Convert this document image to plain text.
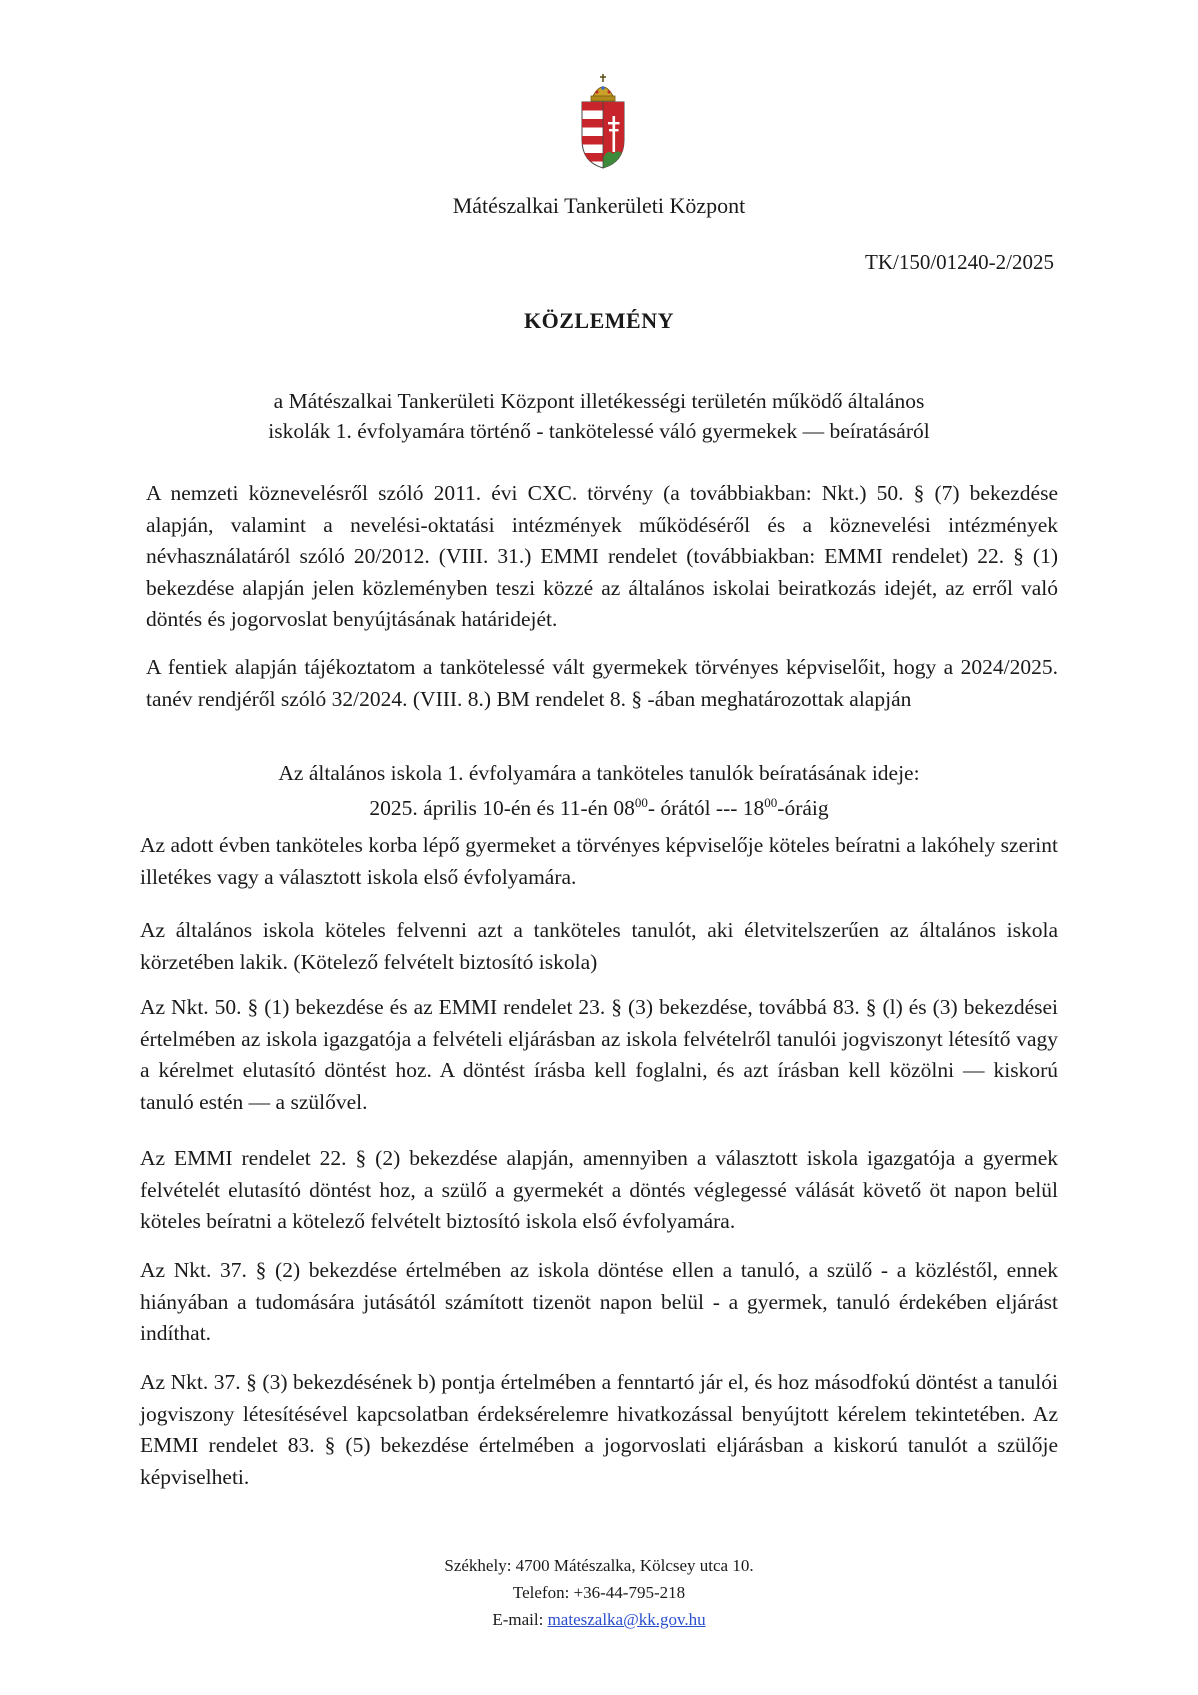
Mátészalkai Tankerületi Központ
TK/150/01240-2/2025
KÖZLEMÉNY
a Mátészalkai Tankerületi Központ illetékességi területén működő általános
iskolák 1. évfolyamára történő - tankötelessé váló gyermekek — beíratásáról
A nemzeti köznevelésről szóló 2011. évi CXC. törvény (a továbbiakban: Nkt.) 50. § (7) bekezdése alapján, valamint a nevelési-oktatási intézmények működéséről és a köznevelési intézmények névhasználatáról szóló 20/2012. (VIII. 31.) EMMI rendelet (továbbiakban: EMMI rendelet) 22. § (1) bekezdése alapján jelen közleményben teszi közzé az általános iskolai beiratkozás idejét, az erről való döntés és jogorvoslat benyújtásának határidejét.
A fentiek alapján tájékoztatom a tankötelessé vált gyermekek törvényes képviselőit, hogy a 2024/2025. tanév rendjéről szóló 32/2024. (VIII. 8.) BM rendelet 8. § -ában meghatározottak alapján
Az általános iskola 1. évfolyamára a tanköteles tanulók beíratásának ideje:
2025. április 10-én és 11-én $08^{00}-$ órától --- $18^{00}$-óráig
Az adott évben tanköteles korba lépő gyermeket a törvényes képviselője köteles beíratni a lakóhely szerint illetékes vagy a választott iskola első évfolyamára.
Az általános iskola köteles felvenni azt a tanköteles tanulót, aki életvitelszerűen az általános iskola körzetében lakik. (Kötelező felvételt biztosító iskola)
Az Nkt. 50. § (1) bekezdése és az EMMI rendelet 23. § (3) bekezdése, továbbá 83. § (l) és (3) bekezdései értelmében az iskola igazgatója a felvételi eljárásban az iskola felvételről tanulói jogviszonyt létesítő vagy a kérelmet elutasító döntést hoz. A döntést írásba kell foglalni, és azt írásban kell közölni — kiskorú tanuló estén — a szülővel.
Az EMMI rendelet 22. § (2) bekezdése alapján, amennyiben a választott iskola igazgatója a gyermek felvételét elutasító döntést hoz, a szülő a gyermekét a döntés véglegessé válását követő öt napon belül köteles beíratni a kötelező felvételt biztosító iskola első évfolyamára.
Az Nkt. 37. § (2) bekezdése értelmében az iskola döntése ellen a tanuló, a szülő - a közléstől, ennek hiányában a tudomására jutásától számított tizenöt napon belül - a gyermek, tanuló érdekében eljárást indíthat.
Az Nkt. 37. § (3) bekezdésének b) pontja értelmében a fenntartó jár el, és hoz másodfokú döntést a tanulói jogviszony létesítésével kapcsolatban érdeksérelemre hivatkozással benyújtott kérelem tekintetében. Az EMMI rendelet 83. § (5) bekezdése értelmében a jogorvoslati eljárásban a kiskorú tanulót a szülője képviselheti.
Székhely: 4700 Mátészalka, Kölcsey utca 10.
Telefon: +36-44-795-218
E-mail: mateszalka@kk.gov.hu
